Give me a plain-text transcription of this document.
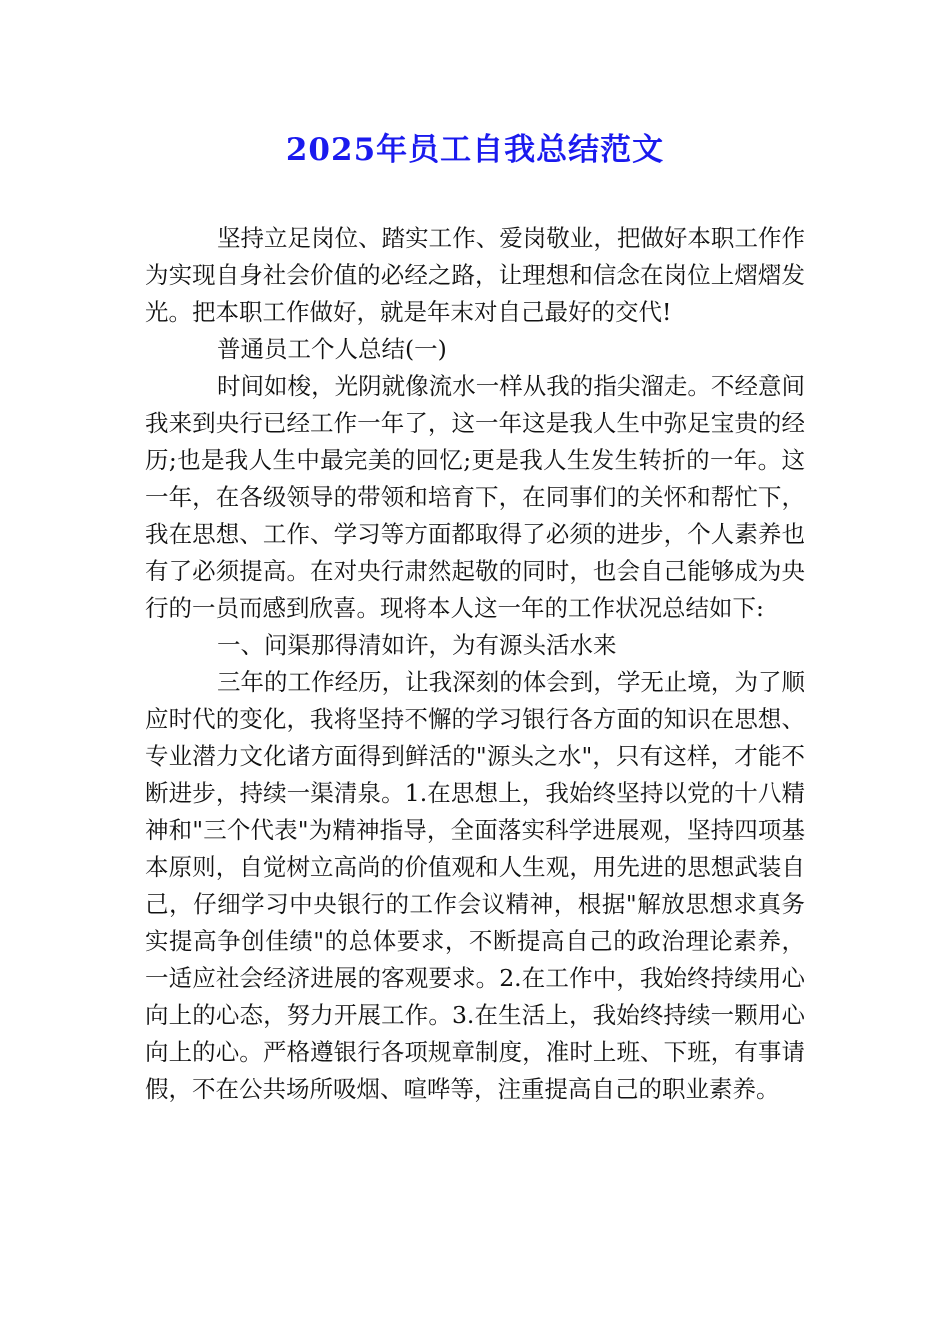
2025年员工自我总结范文

坚持立足岗位、踏实工作、爱岗敬业，把做好本职工作作为实现自身社会价值的必经之路，让理想和信念在岗位上熠熠发光。把本职工作做好，就是年末对自己最好的交代!

普通员工个人总结(一)

时间如梭，光阴就像流水一样从我的指尖溜走。不经意间我来到央行已经工作一年了，这一年这是我人生中弥足宝贵的经历;也是我人生中最完美的回忆;更是我人生发生转折的一年。这一年，在各级领导的带领和培育下，在同事们的关怀和帮忙下，我在思想、工作、学习等方面都取得了必须的进步，个人素养也有了必须提高。在对央行肃然起敬的同时，也会自己能够成为央行的一员而感到欣喜。现将本人这一年的工作状况总结如下:

一、问渠那得清如许，为有源头活水来

三年的工作经历，让我深刻的体会到，学无止境，为了顺应时代的变化，我将坚持不懈的学习银行各方面的知识在思想、专业潜力文化诸方面得到鲜活的"源头之水"，只有这样，才能不断进步，持续一渠清泉。1.在思想上，我始终坚持以党的十八精神和"三个代表"为精神指导，全面落实科学进展观，坚持四项基本原则，自觉树立高尚的价值观和人生观，用先进的思想武装自己，仔细学习中央银行的工作会议精神，根据"解放思想求真务实提高争创佳绩"的总体要求，不断提高自己的政治理论素养，一适应社会经济进展的客观要求。2.在工作中，我始终持续用心向上的心态，努力开展工作。3.在生活上，我始终持续一颗用心向上的心。严格遵银行各项规章制度，准时上班、下班，有事请假，不在公共场所吸烟、喧哗等，注重提高自己的职业素养。
